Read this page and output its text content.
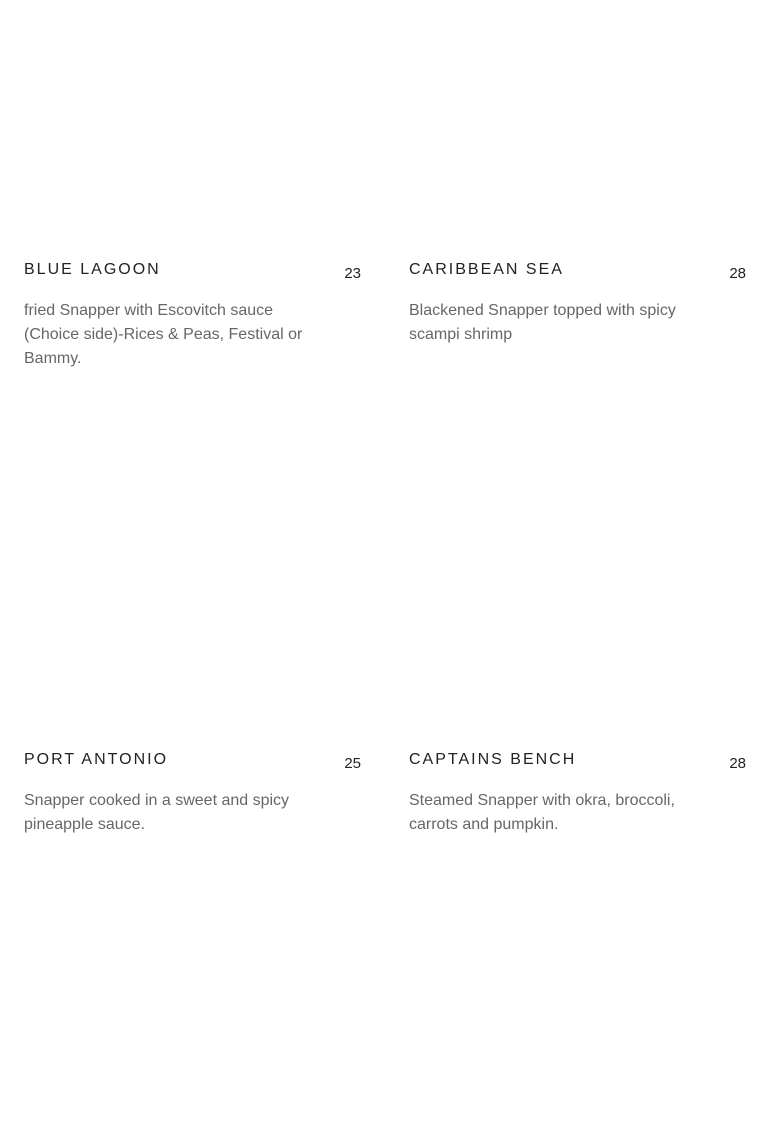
BLUE LAGOON	23

fried Snapper with Escovitch sauce (Choice side)-Rices & Peas, Festival or Bammy.

CARIBBEAN SEA	28

Blackened Snapper topped with spicy scampi shrimp

PORT ANTONIO	25

Snapper cooked in a sweet and spicy pineapple sauce.

CAPTAINS BENCH	28

Steamed Snapper with okra, broccoli, carrots and pumpkin.
